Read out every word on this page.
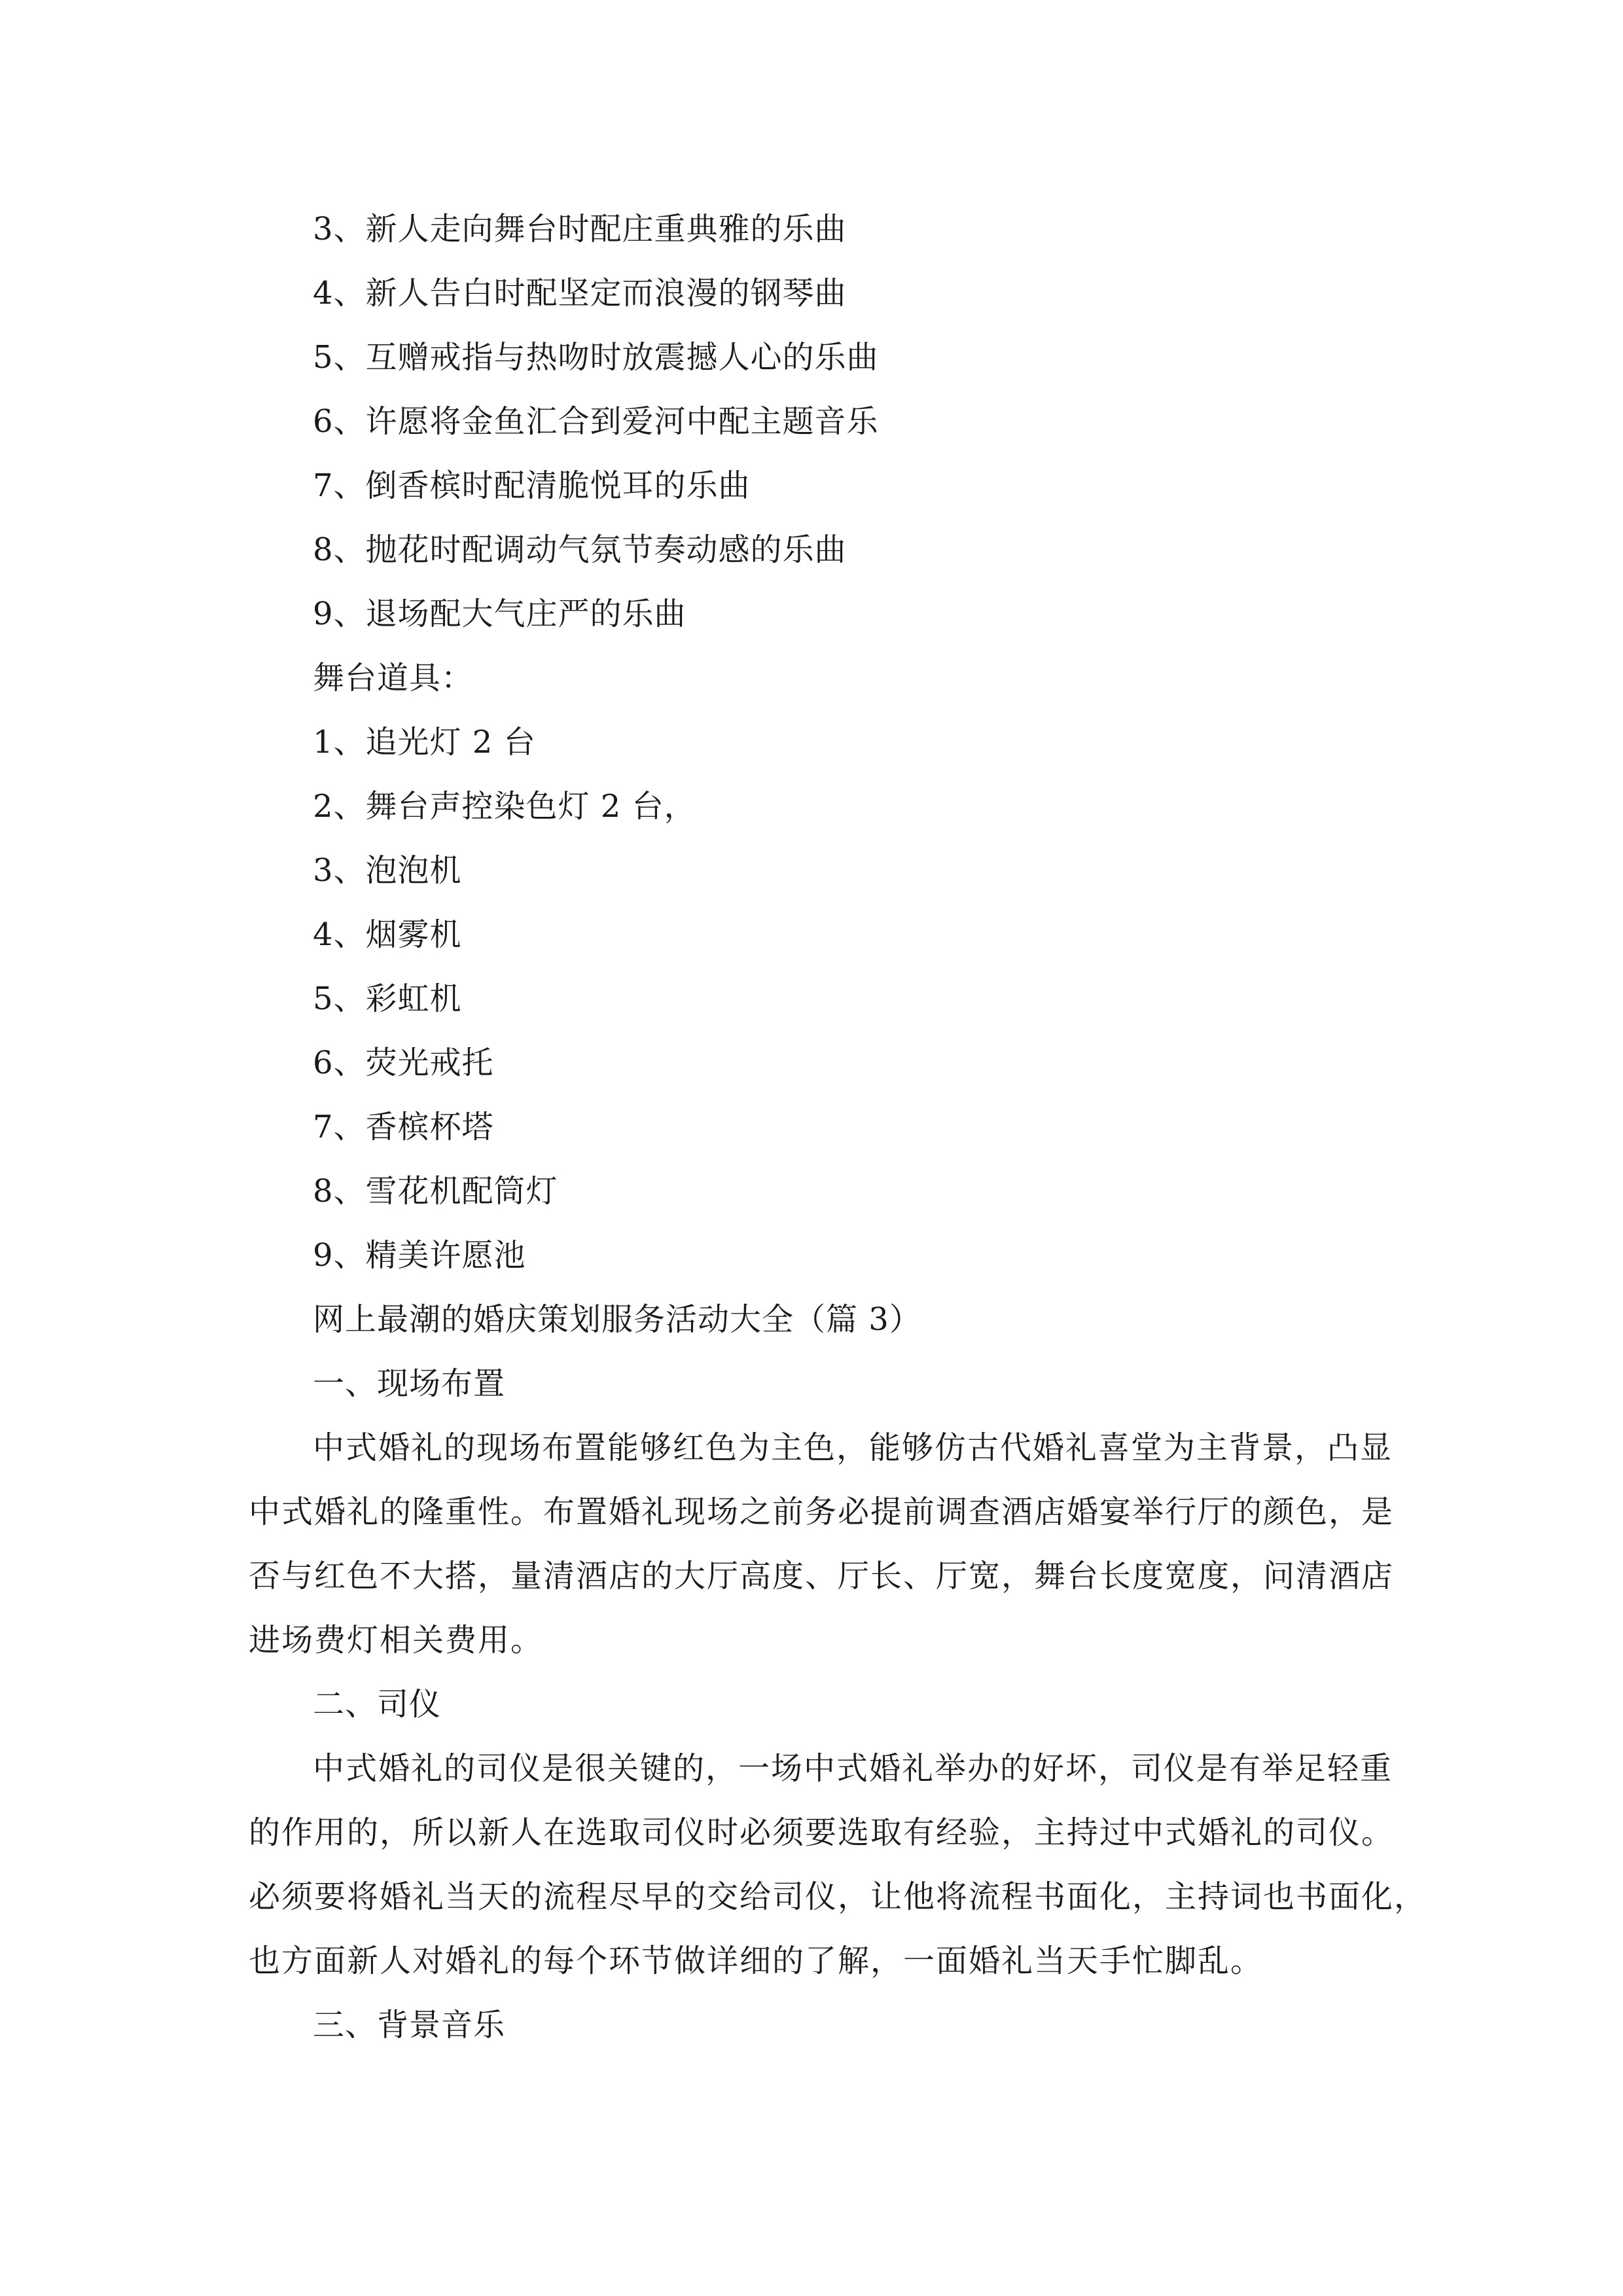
3、新人走向舞台时配庄重典雅的乐曲
4、新人告白时配坚定而浪漫的钢琴曲
5、互赠戒指与热吻时放震撼人心的乐曲
6、许愿将金鱼汇合到爱河中配主题音乐
7、倒香槟时配清脆悦耳的乐曲
8、抛花时配调动气氛节奏动感的乐曲
9、退场配大气庄严的乐曲
舞台道具：
1、追光灯 2 台
2、舞台声控染色灯 2 台，
3、泡泡机
4、烟雾机
5、彩虹机
6、荧光戒托
7、香槟杯塔
8、雪花机配筒灯
9、精美许愿池
网上最潮的婚庆策划服务活动大全（篇 3）
一、现场布置
中式婚礼的现场布置能够红色为主色，能够仿古代婚礼喜堂为主背景，凸显
中式婚礼的隆重性。布置婚礼现场之前务必提前调查酒店婚宴举行厅的颜色，是
否与红色不大搭，量清酒店的大厅高度、厅长、厅宽，舞台长度宽度，问清酒店
进场费灯相关费用。
二、司仪
中式婚礼的司仪是很关键的，一场中式婚礼举办的好坏，司仪是有举足轻重
的作用的，所以新人在选取司仪时必须要选取有经验，主持过中式婚礼的司仪。
必须要将婚礼当天的流程尽早的交给司仪，让他将流程书面化，主持词也书面化，
也方面新人对婚礼的每个环节做详细的了解，一面婚礼当天手忙脚乱。
三、背景音乐
